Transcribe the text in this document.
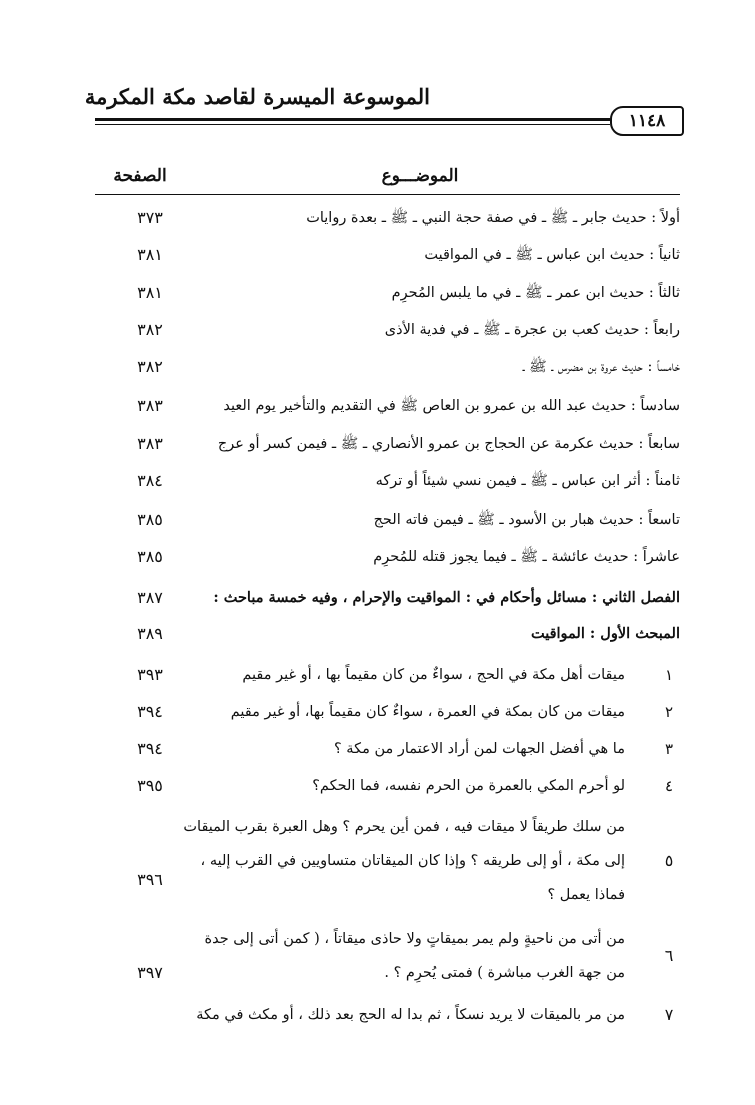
الموسوعة الميسرة لقاصد مكة المكرمة
١١٤٨
الموضـــوع
الصفحة
أولاً : حديث جابر ـ ﷺ ـ في صفة حجة النبي ـ ﷺ ـ بعدة روايات
٣٧٣
ثانياً : حديث ابن عباس ـ ﷺ ـ في المواقيت
٣٨١
ثالثاً : حديث ابن عمر ـ ﷺ ـ في ما يلبس المُحرِم
٣٨١
رابعاً : حديث كعب بن عجرة ـ ﷺ ـ في فدية الأذى
٣٨٢
خامساً : حديث عروة بن مضرس ـ ﷺ ـ
٣٨٢
سادساً : حديث عبد الله بن عمرو بن العاص ﷺ في التقديم والتأخير يوم العيد
٣٨٣
سابعاً : حديث عكرمة عن الحجاج بن عمرو الأنصاري ـ ﷺ ـ فيمن كسر أو عرج
٣٨٣
ثامناً : أثر ابن عباس ـ ﷺ ـ فيمن نسي شيئاً أو تركه
٣٨٤
تاسعاً : حديث هبار بن الأسود ـ ﷺ ـ فيمن فاته الحج
٣٨٥
عاشراً : حديث عائشة ـ ﷺ ـ فيما يجوز قتله للمُحرِم
٣٨٥
الفصل الثاني : مسائل وأحكام في : المواقيت والإحرام ، وفيه خمسة مباحث :
٣٨٧
المبحث الأول : المواقيت
٣٨٩
١
ميقات أهل مكة في الحج ، سواءٌ من كان مقيماً بها ، أو غير مقيم
٣٩٣
٢
ميقات من كان بمكة في العمرة ، سواءٌ كان مقيماً بها، أو غير مقيم
٣٩٤
٣
ما هي أفضل الجهات لمن أراد الاعتمار من مكة ؟
٣٩٤
٤
لو أحرم المكي بالعمرة من الحرم نفسه، فما الحكم؟
٣٩٥
من سلك طريقاً لا ميقات فيه ، فمن أين يحرم ؟ وهل العبرة بقرب الميقات
إلى مكة ، أو إلى طريقه ؟ وإذا كان الميقاتان متساويين في القرب إليه ،
فماذا يعمل ؟
٥
٣٩٦
من أتى من ناحيةٍ ولم يمر بميقاتٍ ولا حاذى ميقاتاً ، ( كمن أتى إلى جدة
من جهة الغرب مباشرة ) فمتى يُحرِم ؟ .
٦
٣٩٧
من مر بالميقات لا يريد نسكاً ، ثم بدا له الحج بعد ذلك ، أو مكث في مكة	٧
